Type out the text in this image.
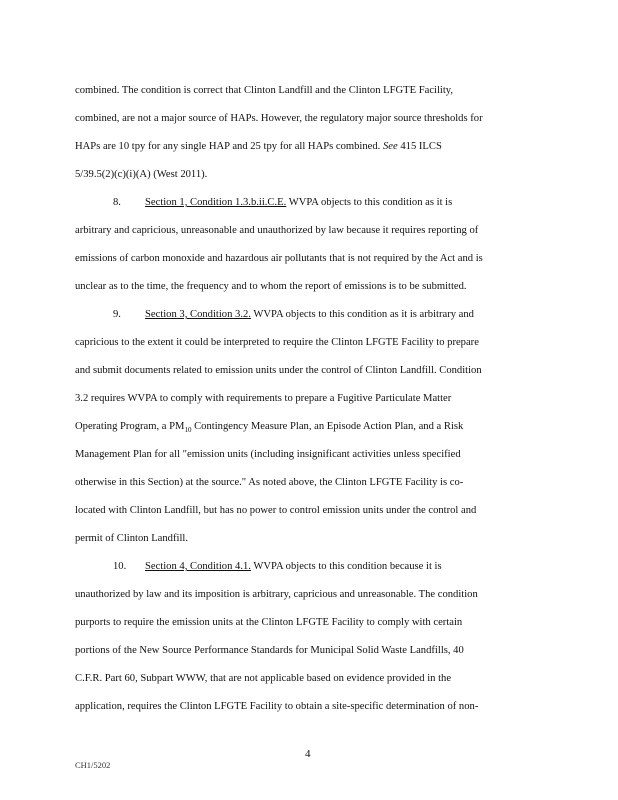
combined. The condition is correct that Clinton Landfill and the Clinton LFGTE Facility,
combined, are not a major source of HAPs. However, the regulatory major source thresholds for
HAPs are 10 tpy for any single HAP and 25 tpy for all HAPs combined. See 415 ILCS
5/39.5(2)(c)(i)(A) (West 2011).
8. Section 1, Condition 1.3.b.ii.C.E. WVPA objects to this condition as it is
arbitrary and capricious, unreasonable and unauthorized by law because it requires reporting of
emissions of carbon monoxide and hazardous air pollutants that is not required by the Act and is
unclear as to the time, the frequency and to whom the report of emissions is to be submitted.
9. Section 3, Condition 3.2. WVPA objects to this condition as it is arbitrary and
capricious to the extent it could be interpreted to require the Clinton LFGTE Facility to prepare
and submit documents related to emission units under the control of Clinton Landfill. Condition
3.2 requires WVPA to comply with requirements to prepare a Fugitive Particulate Matter
Operating Program, a $PM_{10}$ Contingency Measure Plan, an Episode Action Plan, and a Risk
Management Plan for all "emission units (including insignificant activities unless specified
otherwise in this Section) at the source." As noted above, the Clinton LFGTE Facility is co-
located with Clinton Landfill, but has no power to control emission units under the control and
permit of Clinton Landfill.
10. Section 4, Condition 4.1. WVPA objects to this condition because it is
unauthorized by law and its imposition is arbitrary, capricious and unreasonable. The condition
purports to require the emission units at the Clinton LFGTE Facility to comply with certain
portions of the New Source Performance Standards for Municipal Solid Waste Landfills, 40
C.F.R. Part 60, Subpart WWW, that are not applicable based on evidence provided in the
application, requires the Clinton LFGTE Facility to obtain a site-specific determination of non-
4
CH1/5202
